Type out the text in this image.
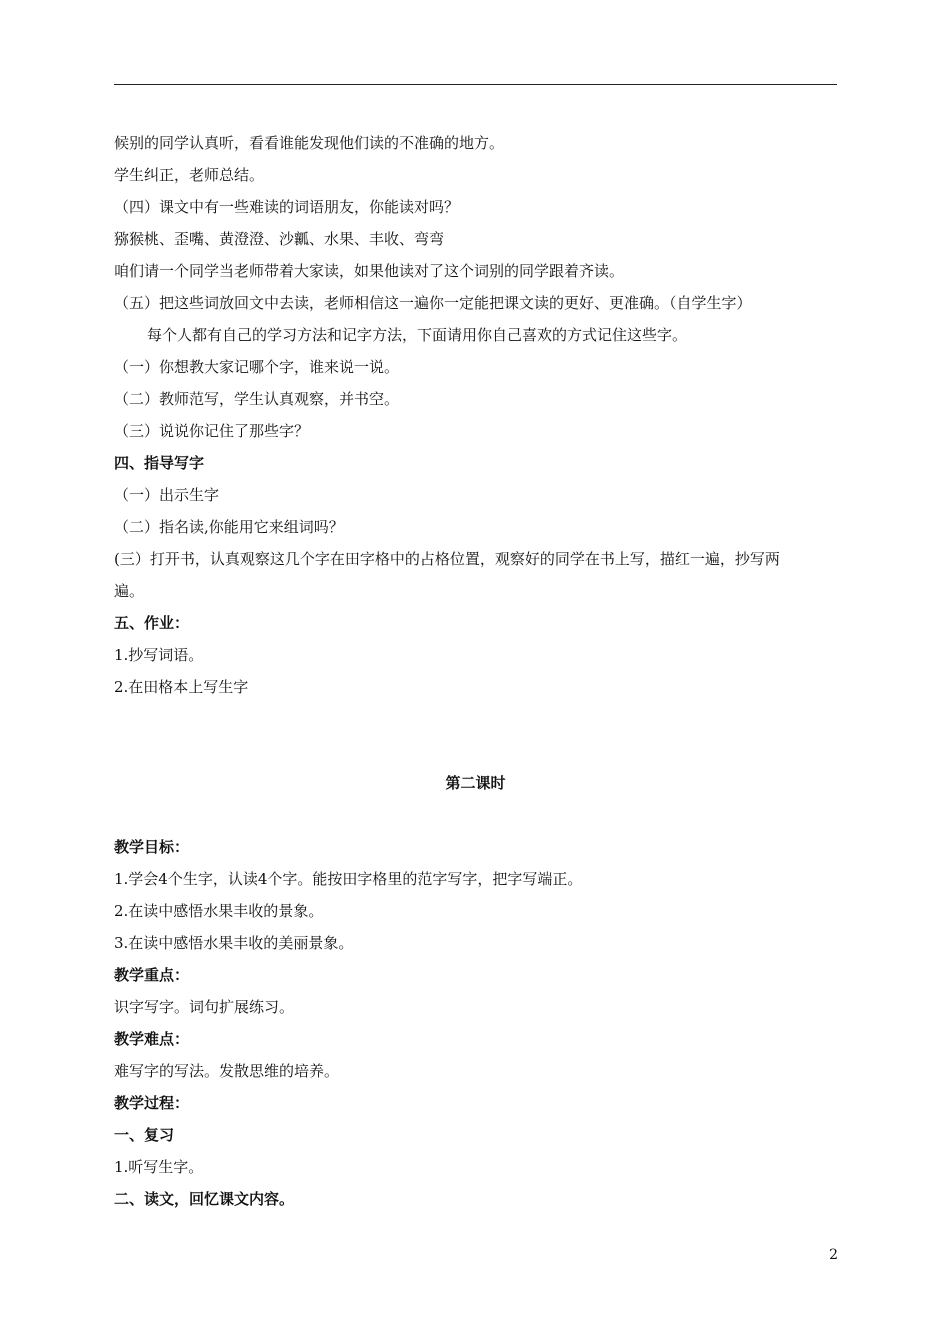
候别的同学认真听，看看谁能发现他们读的不准确的地方。
学生纠正，老师总结。
（四）课文中有一些难读的词语朋友，你能读对吗？
猕猴桃、歪嘴、黄澄澄、沙瓤、水果、丰收、弯弯
咱们请一个同学当老师带着大家读，如果他读对了这个词别的同学跟着齐读。
（五）把这些词放回文中去读，老师相信这一遍你一定能把课文读的更好、更准确。（自学生字）
每个人都有自己的学习方法和记字方法，下面请用你自己喜欢的方式记住这些字。
（一）你想教大家记哪个字，谁来说一说。
（二）教师范写，学生认真观察，并书空。
（三）说说你记住了那些字？
四、指导写字
（一）出示生字
（二）指名读,你能用它来组词吗？
(三）打开书，认真观察这几个字在田字格中的占格位置，观察好的同学在书上写，描红一遍，抄写两
遍。
五、作业：
1.抄写词语。
2.在田格本上写生字
第二课时
教学目标：
1.学会4个生字，认读4个字。能按田字格里的范字写字，把字写端正。
2.在读中感悟水果丰收的景象。
3.在读中感悟水果丰收的美丽景象。
教学重点：
识字写字。词句扩展练习。
教学难点：
难写字的写法。发散思维的培养。
教学过程：
一、复习
1.听写生字。
二、读文，回忆课文内容。
2
